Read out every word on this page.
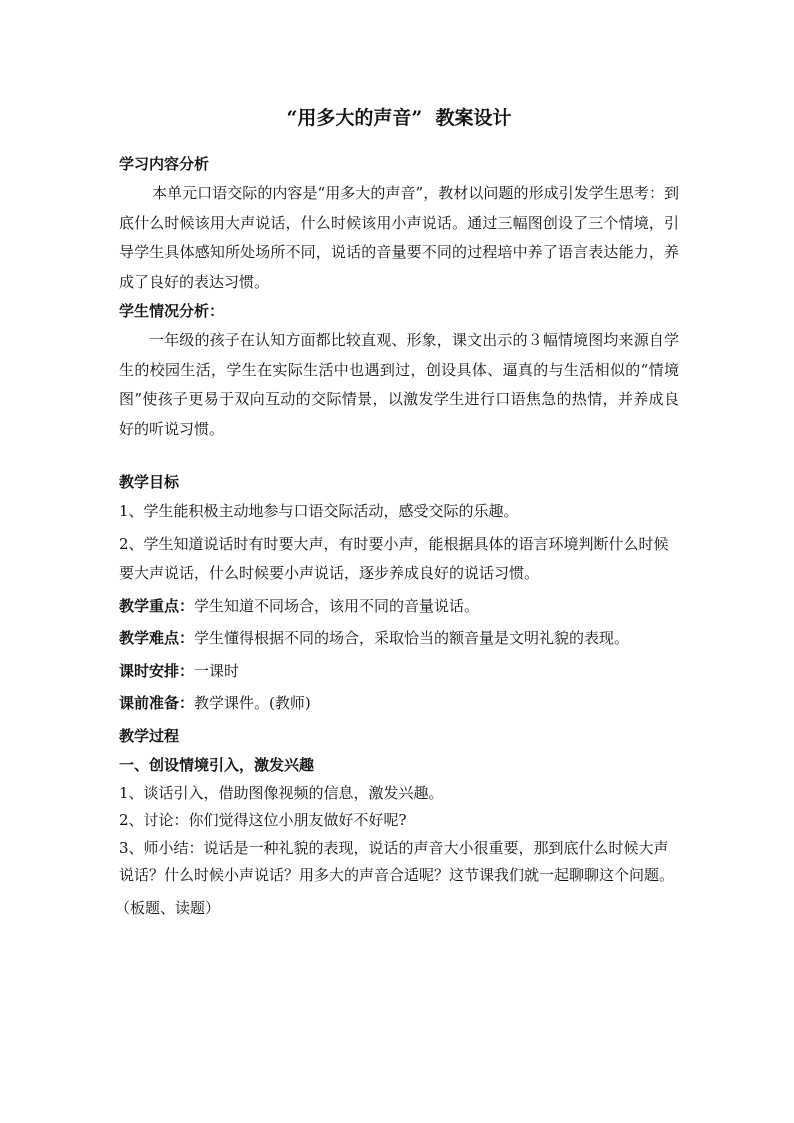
“用多大的声音”  教案设计
学习内容分析

本单元口语交际的内容是“用多大的声音”，教材以问题的形成引发学生思考：到底什么时候该用大声说话，什么时候该用小声说话。通过三幅图创设了三个情境，引导学生具体感知所处场所不同，说话的音量要不同的过程培中养了语言表达能力，养成了良好的表达习惯。

学生情况分析：

一年级的孩子在认知方面都比较直观、形象，课文出示的３幅情境图均来源自学生的校园生活，学生在实际生活中也遇到过，创设具体、逼真的与生活相似的“情境图”使孩子更易于双向互动的交际情景，以激发学生进行口语焦急的热情，并养成良好的听说习惯。

教学目标

1、学生能积极主动地参与口语交际活动，感受交际的乐趣。

2、学生知道说话时有时要大声，有时要小声，能根据具体的语言环境判断什么时候要大声说话，什么时候要小声说话，逐步养成良好的说话习惯。

教学重点：学生知道不同场合，该用不同的音量说话。

教学难点：学生懂得根据不同的场合，采取恰当的额音量是文明礼貌的表现。

课时安排：一课时

课前准备：教学课件。(教师)

教学过程
一、创设情境引入，激发兴趣

1、谈话引入，借助图像视频的信息，激发兴趣。

2、讨论：你们觉得这位小朋友做好不好呢?

3、师小结：说话是一种礼貌的表现，说话的声音大小很重要，那到底什么时候大声说话？什么时候小声说话？用多大的声音合适呢？这节课我们就一起聊聊这个问题。

（板题、读题）
